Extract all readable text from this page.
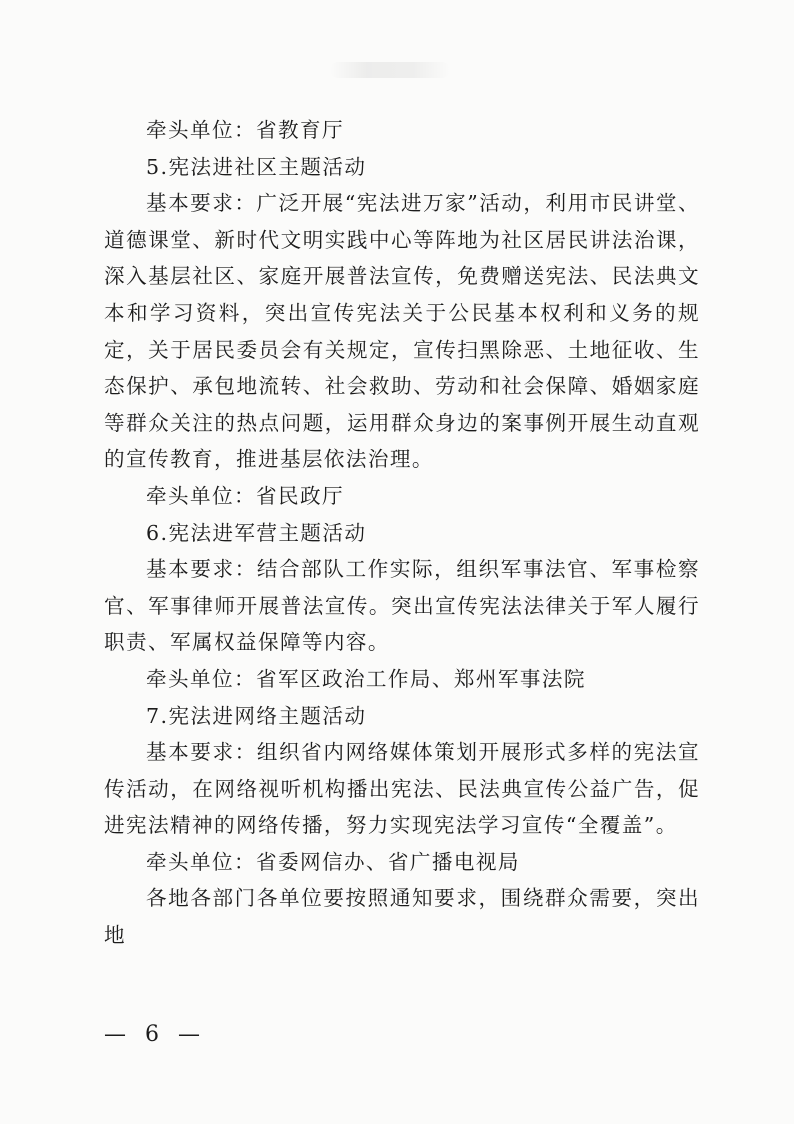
牵头单位：省教育厅

5.宪法进社区主题活动

基本要求：广泛开展“宪法进万家”活动，利用市民讲堂、道德课堂、新时代文明实践中心等阵地为社区居民讲法治课，深入基层社区、家庭开展普法宣传，免费赠送宪法、民法典文本和学习资料，突出宣传宪法关于公民基本权利和义务的规定，关于居民委员会有关规定，宣传扫黑除恶、土地征收、生态保护、承包地流转、社会救助、劳动和社会保障、婚姻家庭等群众关注的热点问题，运用群众身边的案事例开展生动直观的宣传教育，推进基层依法治理。

牵头单位：省民政厅

6.宪法进军营主题活动

基本要求：结合部队工作实际，组织军事法官、军事检察官、军事律师开展普法宣传。突出宣传宪法法律关于军人履行职责、军属权益保障等内容。

牵头单位：省军区政治工作局、郑州军事法院

7.宪法进网络主题活动

基本要求：组织省内网络媒体策划开展形式多样的宪法宣传活动，在网络视听机构播出宪法、民法典宣传公益广告，促进宪法精神的网络传播，努力实现宪法学习宣传“全覆盖”。

牵头单位：省委网信办、省广播电视局

各地各部门各单位要按照通知要求，围绕群众需要，突出地

— 6 —
